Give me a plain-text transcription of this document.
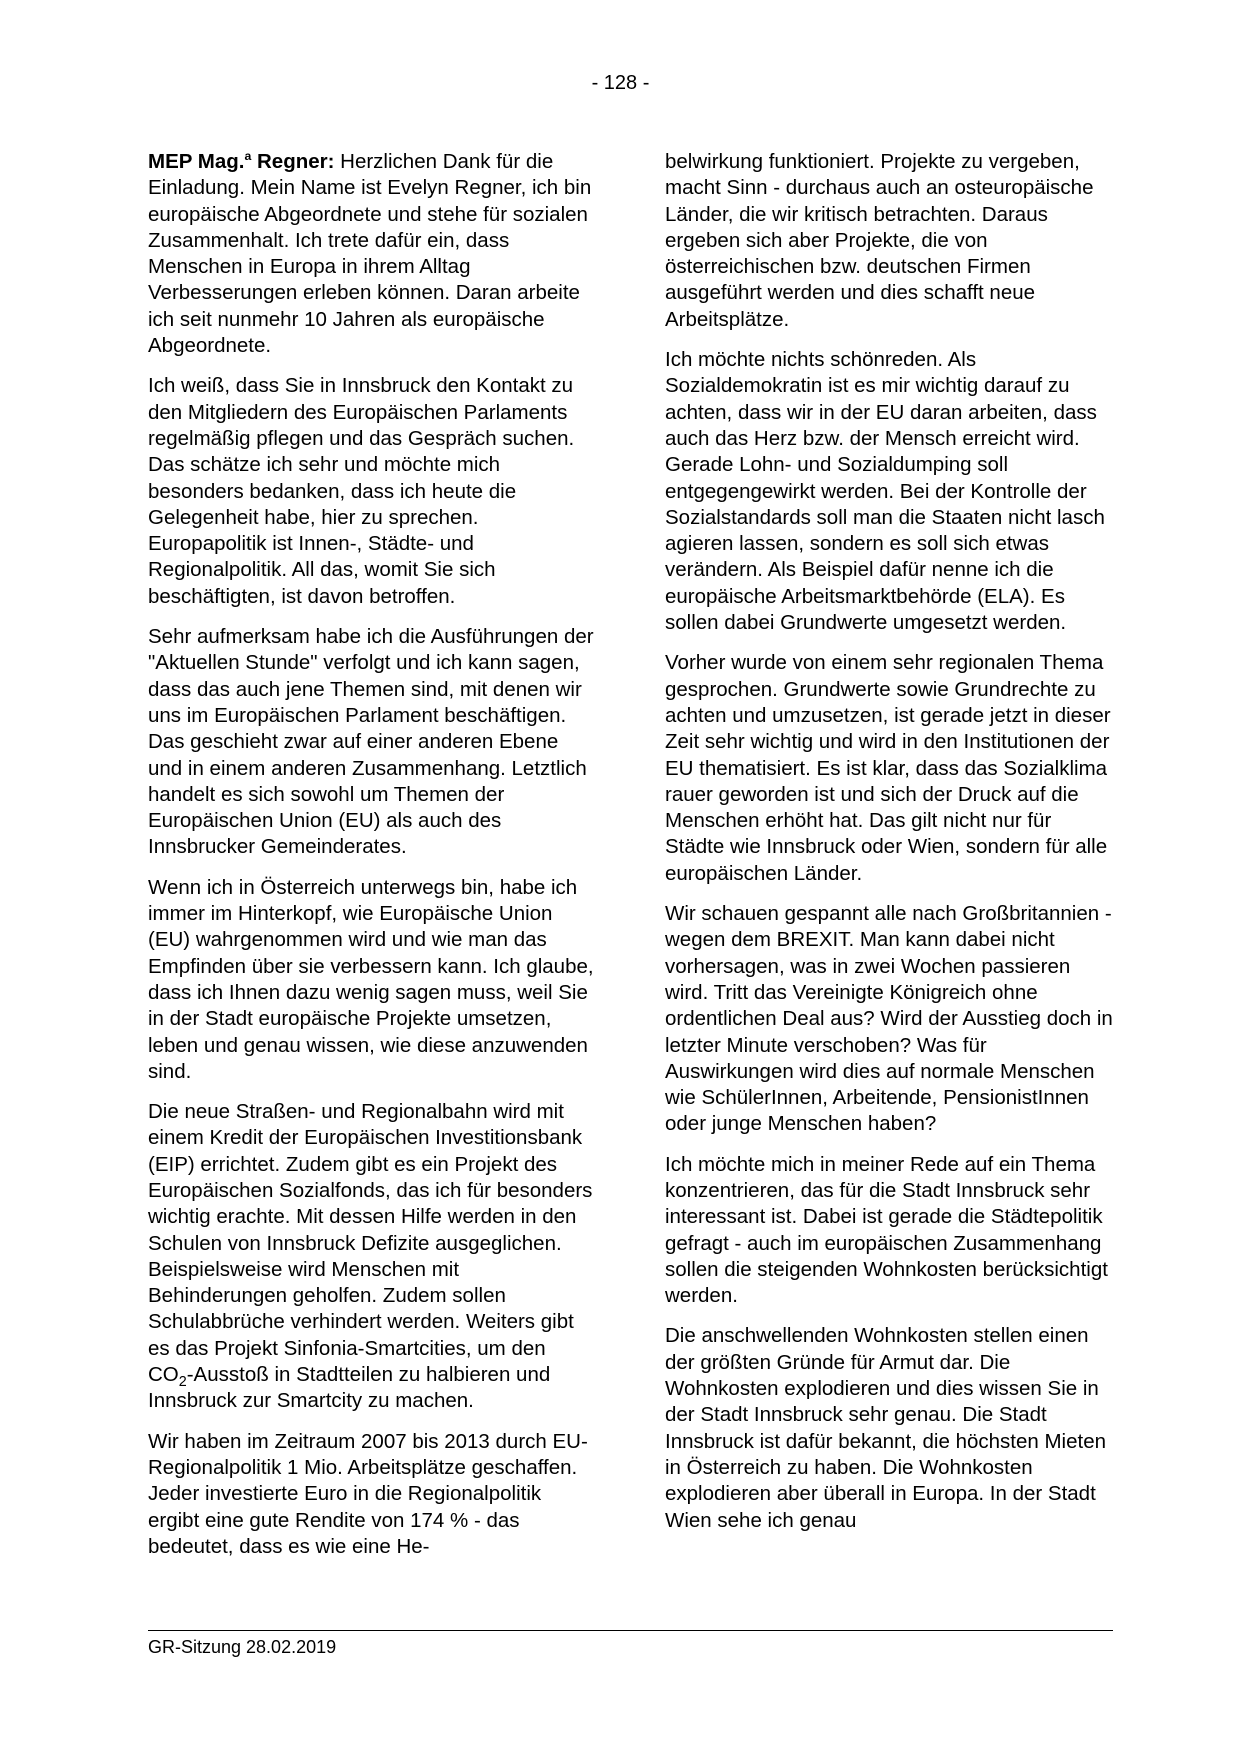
- 128 -

MEP Mag.$^a$ Regner: Herzlichen Dank für die Einladung. Mein Name ist Evelyn Regner, ich bin europäische Abgeordnete und stehe für sozialen Zusammenhalt. Ich trete dafür ein, dass Menschen in Europa in ihrem Alltag Verbesserungen erleben können. Daran arbeite ich seit nunmehr 10 Jahren als europäische Abgeordnete.

Ich weiß, dass Sie in Innsbruck den Kontakt zu den Mitgliedern des Europäischen Parlaments regelmäßig pflegen und das Gespräch suchen. Das schätze ich sehr und möchte mich besonders bedanken, dass ich heute die Gelegenheit habe, hier zu sprechen. Europapolitik ist Innen-, Städte- und Regionalpolitik. All das, womit Sie sich beschäftigten, ist davon betroffen.

Sehr aufmerksam habe ich die Ausführungen der "Aktuellen Stunde" verfolgt und ich kann sagen, dass das auch jene Themen sind, mit denen wir uns im Europäischen Parlament beschäftigen. Das geschieht zwar auf einer anderen Ebene und in einem anderen Zusammenhang. Letztlich handelt es sich sowohl um Themen der Europäischen Union (EU) als auch des Innsbrucker Gemeinderates.

Wenn ich in Österreich unterwegs bin, habe ich immer im Hinterkopf, wie Europäische Union (EU) wahrgenommen wird und wie man das Empfinden über sie verbessern kann. Ich glaube, dass ich Ihnen dazu wenig sagen muss, weil Sie in der Stadt europäische Projekte umsetzen, leben und genau wissen, wie diese anzuwenden sind.

Die neue Straßen- und Regionalbahn wird mit einem Kredit der Europäischen Investitionsbank (EIP) errichtet. Zudem gibt es ein Projekt des Europäischen Sozialfonds, das ich für besonders wichtig erachte. Mit dessen Hilfe werden in den Schulen von Innsbruck Defizite ausgeglichen. Beispielsweise wird Menschen mit Behinderungen geholfen. Zudem sollen Schulabbrüche verhindert werden. Weiters gibt es das Projekt Sinfonia-Smartcities, um den $CO_2$-Ausstoß in Stadtteilen zu halbieren und Innsbruck zur Smartcity zu machen.

Wir haben im Zeitraum 2007 bis 2013 durch EU-Regionalpolitik 1 Mio. Arbeitsplätze geschaffen. Jeder investierte Euro in die Regionalpolitik ergibt eine gute Rendite von 174 % - das bedeutet, dass es wie eine He-

belwirkung funktioniert. Projekte zu vergeben, macht Sinn - durchaus auch an osteuropäische Länder, die wir kritisch betrachten. Daraus ergeben sich aber Projekte, die von österreichischen bzw. deutschen Firmen ausgeführt werden und dies schafft neue Arbeitsplätze.

Ich möchte nichts schönreden. Als Sozialdemokratin ist es mir wichtig darauf zu achten, dass wir in der EU daran arbeiten, dass auch das Herz bzw. der Mensch erreicht wird. Gerade Lohn- und Sozialdumping soll entgegengewirkt werden. Bei der Kontrolle der Sozialstandards soll man die Staaten nicht lasch agieren lassen, sondern es soll sich etwas verändern. Als Beispiel dafür nenne ich die europäische Arbeitsmarktbehörde (ELA). Es sollen dabei Grundwerte umgesetzt werden.

Vorher wurde von einem sehr regionalen Thema gesprochen. Grundwerte sowie Grundrechte zu achten und umzusetzen, ist gerade jetzt in dieser Zeit sehr wichtig und wird in den Institutionen der EU thematisiert. Es ist klar, dass das Sozialklima rauer geworden ist und sich der Druck auf die Menschen erhöht hat. Das gilt nicht nur für Städte wie Innsbruck oder Wien, sondern für alle europäischen Länder.

Wir schauen gespannt alle nach Großbritannien - wegen dem BREXIT. Man kann dabei nicht vorhersagen, was in zwei Wochen passieren wird. Tritt das Vereinigte Königreich ohne ordentlichen Deal aus? Wird der Ausstieg doch in letzter Minute verschoben? Was für Auswirkungen wird dies auf normale Menschen wie SchülerInnen, Arbeitende, PensionistInnen oder junge Menschen haben?

Ich möchte mich in meiner Rede auf ein Thema konzentrieren, das für die Stadt Innsbruck sehr interessant ist. Dabei ist gerade die Städtepolitik gefragt - auch im europäischen Zusammenhang sollen die steigenden Wohnkosten berücksichtigt werden.

Die anschwellenden Wohnkosten stellen einen der größten Gründe für Armut dar. Die Wohnkosten explodieren und dies wissen Sie in der Stadt Innsbruck sehr genau. Die Stadt Innsbruck ist dafür bekannt, die höchsten Mieten in Österreich zu haben. Die Wohnkosten explodieren aber überall in Europa. In der Stadt Wien sehe ich genau

GR-Sitzung 28.02.2019
